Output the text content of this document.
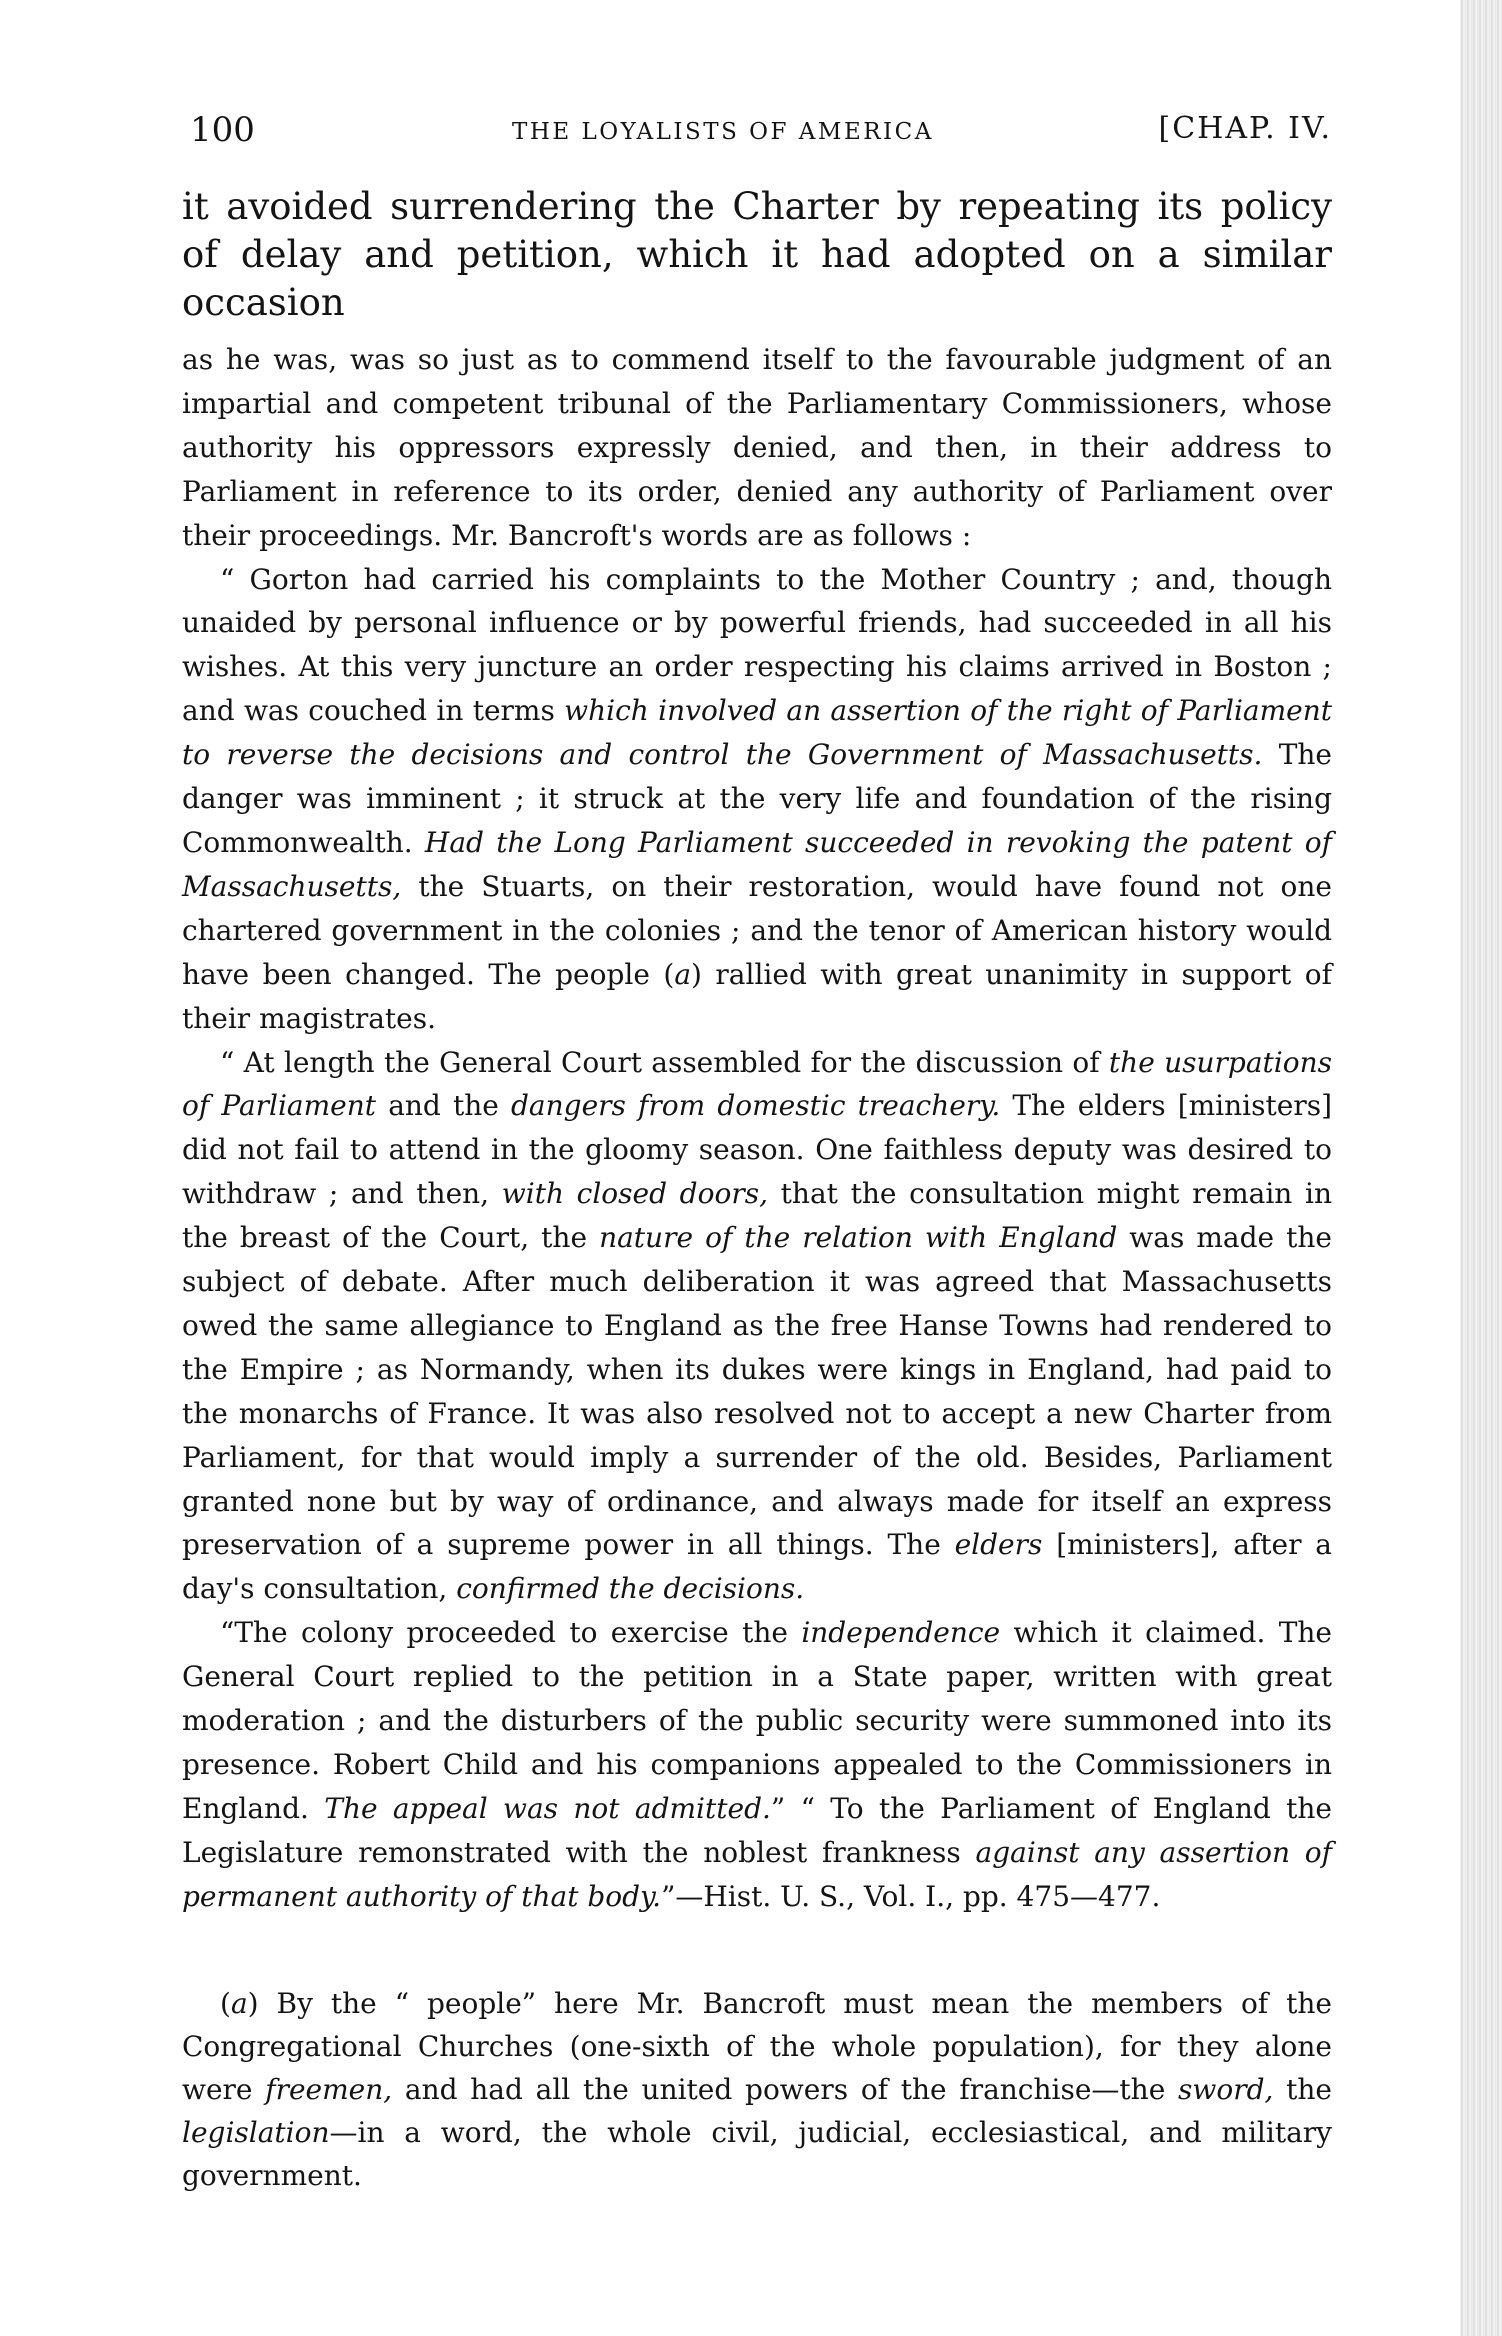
100	THE LOYALISTS OF AMERICA	[CHAP. IV.
it avoided surrendering the Charter by repeating its policy of delay and petition, which it had adopted on a similar occasion

as he was, was so just as to commend itself to the favourable judgment of an impartial and competent tribunal of the Parliamentary Commissioners, whose authority his oppressors expressly denied, and then, in their address to Parliament in reference to its order, denied any authority of Parliament over their proceedings. Mr. Bancroft's words are as follows :

“ Gorton had carried his complaints to the Mother Country ; and, though unaided by personal influence or by powerful friends, had succeeded in all his wishes. At this very juncture an order respecting his claims arrived in Boston ; and was couched in terms which involved an assertion of the right of Parliament to reverse the decisions and control the Government of Massachusetts. The danger was imminent ; it struck at the very life and foundation of the rising Commonwealth. Had the Long Parliament succeeded in revoking the patent of Massachusetts, the Stuarts, on their restoration, would have found not one chartered government in the colonies ; and the tenor of American history would have been changed. The people (a) rallied with great unanimity in support of their magistrates.

“ At length the General Court assembled for the discussion of the usurpations of Parliament and the dangers from domestic treachery. The elders [ministers] did not fail to attend in the gloomy season. One faithless deputy was desired to withdraw ; and then, with closed doors, that the consultation might remain in the breast of the Court, the nature of the relation with England was made the subject of debate. After much deliberation it was agreed that Massachusetts owed the same allegiance to England as the free Hanse Towns had rendered to the Empire ; as Normandy, when its dukes were kings in England, had paid to the monarchs of France. It was also resolved not to accept a new Charter from Parliament, for that would imply a surrender of the old. Besides, Parliament granted none but by way of ordinance, and always made for itself an express preservation of a supreme power in all things. The elders [ministers], after a day's consultation, confirmed the decisions.

“The colony proceeded to exercise the independence which it claimed. The General Court replied to the petition in a State paper, written with great moderation ; and the disturbers of the public security were summoned into its presence. Robert Child and his companions appealed to the Commissioners in England. The appeal was not admitted.” “ To the Parliament of England the Legislature remonstrated with the noblest frankness against any assertion of permanent authority of that body.”—Hist. U. S., Vol. I., pp. 475—477.

(a) By the “ people” here Mr. Bancroft must mean the members of the Congregational Churches (one-sixth of the whole population), for they alone were freemen, and had all the united powers of the franchise—the sword, the legislation—in a word, the whole civil, judicial, ecclesiastical, and military government.
